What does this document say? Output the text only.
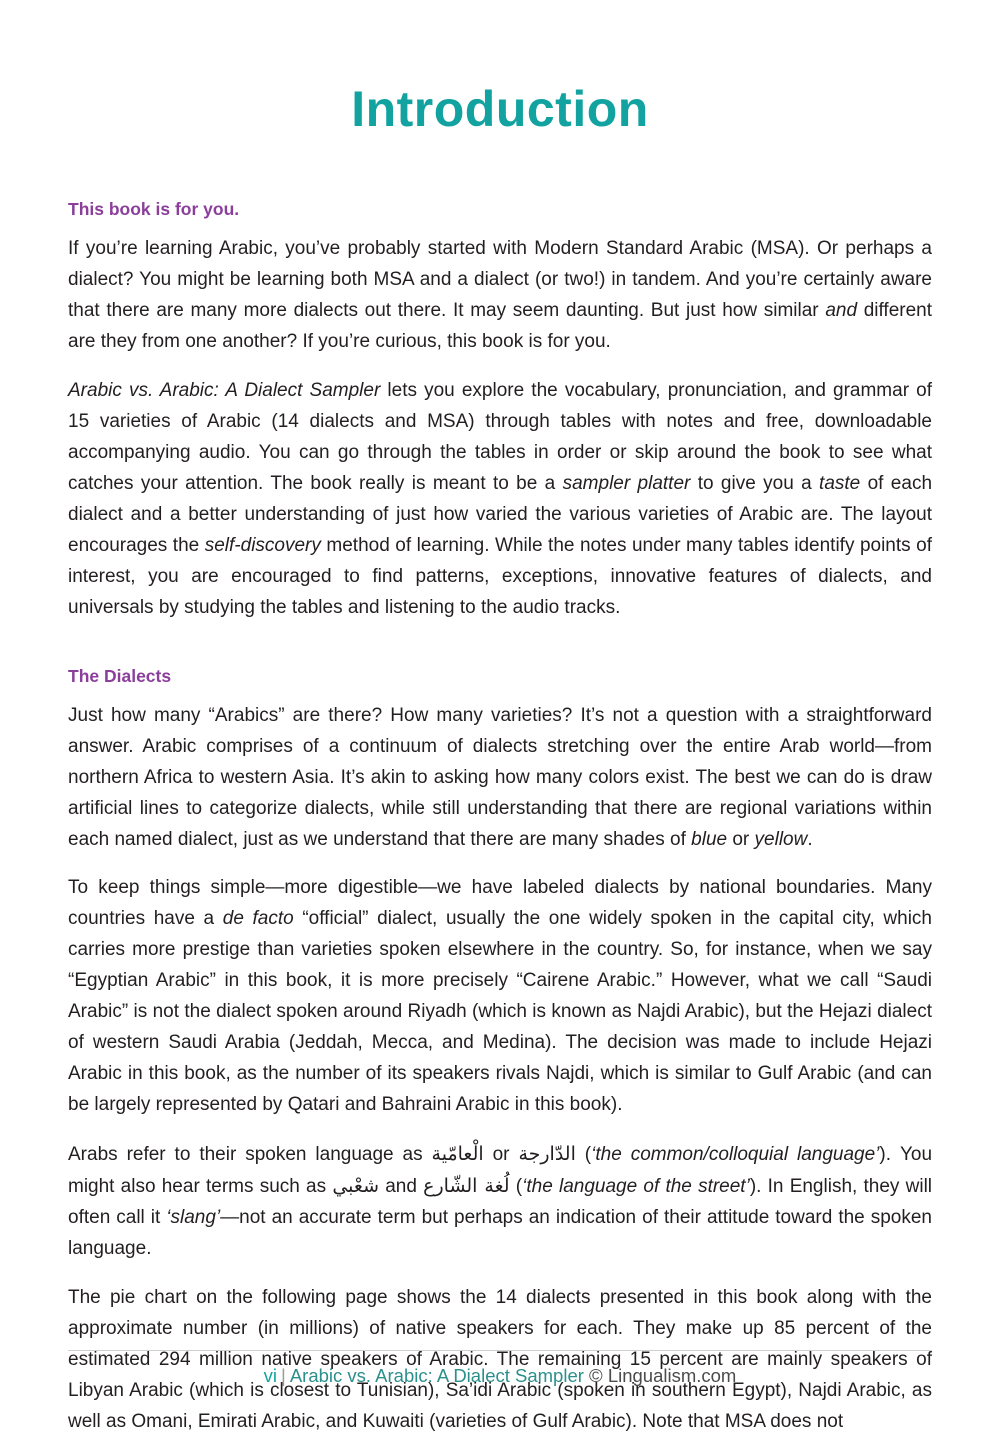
Introduction
This book is for you.

If you’re learning Arabic, you’ve probably started with Modern Standard Arabic (MSA). Or perhaps a dialect? You might be learning both MSA and a dialect (or two!) in tandem. And you’re certainly aware that there are many more dialects out there. It may seem daunting. But just how similar and different are they from one another? If you’re curious, this book is for you.

Arabic vs. Arabic: A Dialect Sampler lets you explore the vocabulary, pronunciation, and grammar of 15 varieties of Arabic (14 dialects and MSA) through tables with notes and free, downloadable accompanying audio. You can go through the tables in order or skip around the book to see what catches your attention. The book really is meant to be a sampler platter to give you a taste of each dialect and a better understanding of just how varied the various varieties of Arabic are. The layout encourages the self-discovery method of learning. While the notes under many tables identify points of interest, you are encouraged to find patterns, exceptions, innovative features of dialects, and universals by studying the tables and listening to the audio tracks.

The Dialects

Just how many “Arabics” are there? How many varieties? It’s not a question with a straightforward answer. Arabic comprises of a continuum of dialects stretching over the entire Arab world—from northern Africa to western Asia. It’s akin to asking how many colors exist. The best we can do is draw artificial lines to categorize dialects, while still understanding that there are regional variations within each named dialect, just as we understand that there are many shades of blue or yellow.

To keep things simple—more digestible—we have labeled dialects by national boundaries. Many countries have a de facto “official” dialect, usually the one widely spoken in the capital city, which carries more prestige than varieties spoken elsewhere in the country. So, for instance, when we say “Egyptian Arabic” in this book, it is more precisely “Cairene Arabic.” However, what we call “Saudi Arabic” is not the dialect spoken around Riyadh (which is known as Najdi Arabic), but the Hejazi dialect of western Saudi Arabia (Jeddah, Mecca, and Medina). The decision was made to include Hejazi Arabic in this book, as the number of its speakers rivals Najdi, which is similar to Gulf Arabic (and can be largely represented by Qatari and Bahraini Arabic in this book).

Arabs refer to their spoken language as الْعامّية or الدّارجة (‘the common/colloquial language’). You might also hear terms such as شعْبي and لُغة الشّارع (‘the language of the street’). In English, they will often call it ‘slang’—not an accurate term but perhaps an indication of their attitude toward the spoken language.

The pie chart on the following page shows the 14 dialects presented in this book along with the approximate number (in millions) of native speakers for each. They make up 85 percent of the estimated 294 million native speakers of Arabic. The remaining 15 percent are mainly speakers of Libyan Arabic (which is closest to Tunisian), Sa’idi Arabic (spoken in southern Egypt), Najdi Arabic, as well as Omani, Emirati Arabic, and Kuwaiti (varieties of Gulf Arabic). Note that MSA does not

vi | Arabic vs. Arabic: A Dialect Sampler © Lingualism.com
